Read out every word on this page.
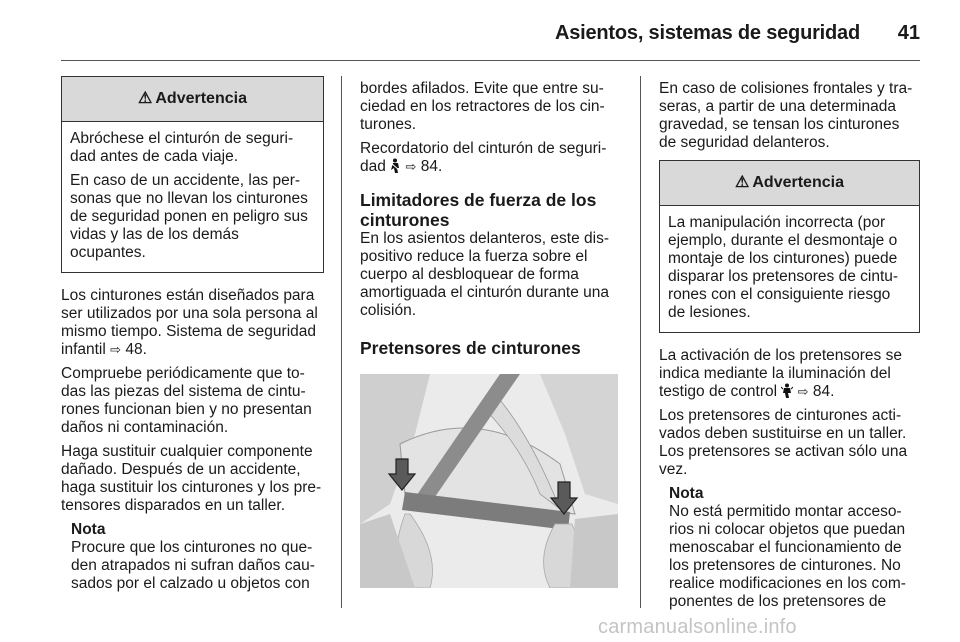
Asientos, sistemas de seguridad	41
⚠ Advertencia

Abróchese el cinturón de seguri-dad antes de cada viaje.

En caso de un accidente, las per-sonas que no llevan los cinturones de seguridad ponen en peligro sus vidas y las de los demás ocupantes.

Los cinturones están diseñados para ser utilizados por una sola persona al mismo tiempo. Sistema de seguridad infantil ⇨ 48.

Compruebe periódicamente que to-das las piezas del sistema de cintu-rones funcionan bien y no presentan daños ni contaminación.

Haga sustituir cualquier componente dañado. Después de un accidente, haga sustituir los cinturones y los pre-tensores disparados en un taller.

Nota
Procure que los cinturones no que-den atrapados ni sufran daños cau-sados por el calzado u objetos con

bordes afilados. Evite que entre su-ciedad en los retractores de los cin-turones.

Recordatorio del cinturón de seguri-dad ⇨ 84.

Limitadores de fuerza de los cinturones

En los asientos delanteros, este dis-positivo reduce la fuerza sobre el cuerpo al desbloquear de forma amortiguada el cinturón durante una colisión.

Pretensores de cinturones

En caso de colisiones frontales y tra-seras, a partir de una determinada gravedad, se tensan los cinturones de seguridad delanteros.

⚠ Advertencia

La manipulación incorrecta (por ejemplo, durante el desmontaje o montaje de los cinturones) puede disparar los pretensores de cintu-rones con el consiguiente riesgo de lesiones.

La activación de los pretensores se indica mediante la iluminación del testigo de control ⇨ 84.

Los pretensores de cinturones acti-vados deben sustituirse en un taller. Los pretensores se activan sólo una vez.

Nota
No está permitido montar acceso-rios ni colocar objetos que puedan menoscabar el funcionamiento de los pretensores de cinturones. No realice modificaciones en los com-ponentes de los pretensores de
carmanualsonline.info
